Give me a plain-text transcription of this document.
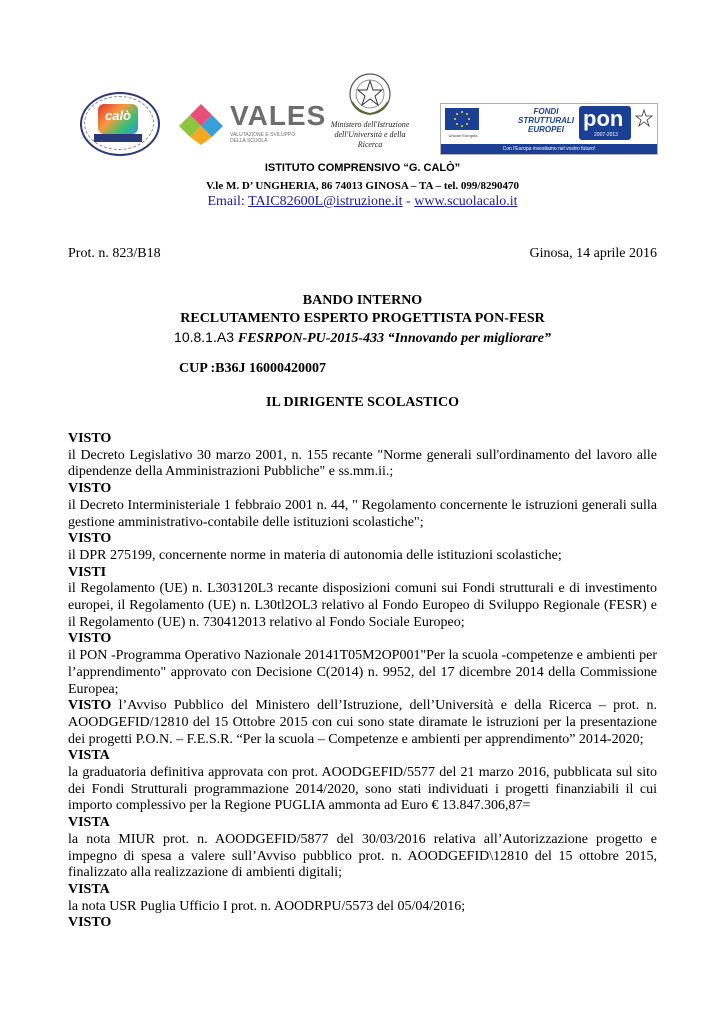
calò	VALES
VALUTAZIONE E SVILUPPO DELLA SCUOLA
Ministero dell'Istruzione dell'Università e della Ricerca
Unione Europea
FONDI STRUTTURALI EUROPEI pon
2007-2013
Con l'Europa investiamo nel vostro futuro!
ISTITUTO COMPRENSIVO “G. CALÒ”
V.le M. D’ UNGHERIA, 86 74013 GINOSA – TA – tel. 099/8290470
Email: TAIC82600L@istruzione.it - www.scuolacalo.it
Prot. n. 823/B18	Ginosa, 14 aprile 2016
BANDO INTERNO
RECLUTAMENTO ESPERTO PROGETTISTA PON-FESR
10.8.1.A3 FESRPON-PU-2015-433 “Innovando per migliorare”
CUP :B36J 16000420007
IL DIRIGENTE SCOLASTICO

VISTO

il Decreto Legislativo 30 marzo 2001, n. 155 recante "Norme generali sull'ordinamento del lavoro alle dipendenze della Amministrazioni Pubbliche" e ss.mm.ii.;

VISTO

il Decreto Interministeriale 1 febbraio 2001 n. 44, " Regolamento concernente le istruzioni generali sulla gestione amministrativo-contabile delle istituzioni scolastiche";

VISTO

il DPR 275199, concernente norme in materia di autonomia delle istituzioni scolastiche;

VISTI

il Regolamento (UE) n. L303120L3 recante disposizioni comuni sui Fondi strutturali e di investimento europei, il Regolamento (UE) n. L30tl2OL3 relativo al Fondo Europeo di Sviluppo Regionale (FESR) e il Regolamento (UE) n. 730412013 relativo al Fondo Sociale Europeo;

VISTO

il PON -Programma Operativo Nazionale 20141T05M2OP001"Per la scuola -competenze e ambienti per l’apprendimento" approvato con Decisione C(2014) n. 9952, del 17 dicembre 2014 della Commissione Europea;

VISTO l’Avviso Pubblico del Ministero dell’Istruzione, dell’Università e della Ricerca – prot. n. AOODGEFID/12810 del 15 Ottobre 2015 con cui sono state diramate le istruzioni per la presentazione dei progetti P.O.N. – F.E.S.R. “Per la scuola – Competenze e ambienti per apprendimento” 2014-2020;

VISTA

la graduatoria definitiva approvata con prot. AOODGEFID/5577 del 21 marzo 2016, pubblicata sul sito dei Fondi Strutturali programmazione 2014/2020, sono stati individuati i progetti finanziabili il cui importo complessivo per la Regione PUGLIA ammonta ad Euro € 13.847.306,87=

VISTA

la nota MIUR prot. n. AOODGEFID/5877 del 30/03/2016 relativa all’Autorizzazione progetto e impegno di spesa a valere sull’Avviso pubblico prot. n. AOODGEFID\12810 del 15 ottobre 2015, finalizzato alla realizzazione di ambienti digitali;

VISTA

la nota USR Puglia Ufficio I prot. n. AOODRPU/5573 del 05/04/2016;

VISTO
